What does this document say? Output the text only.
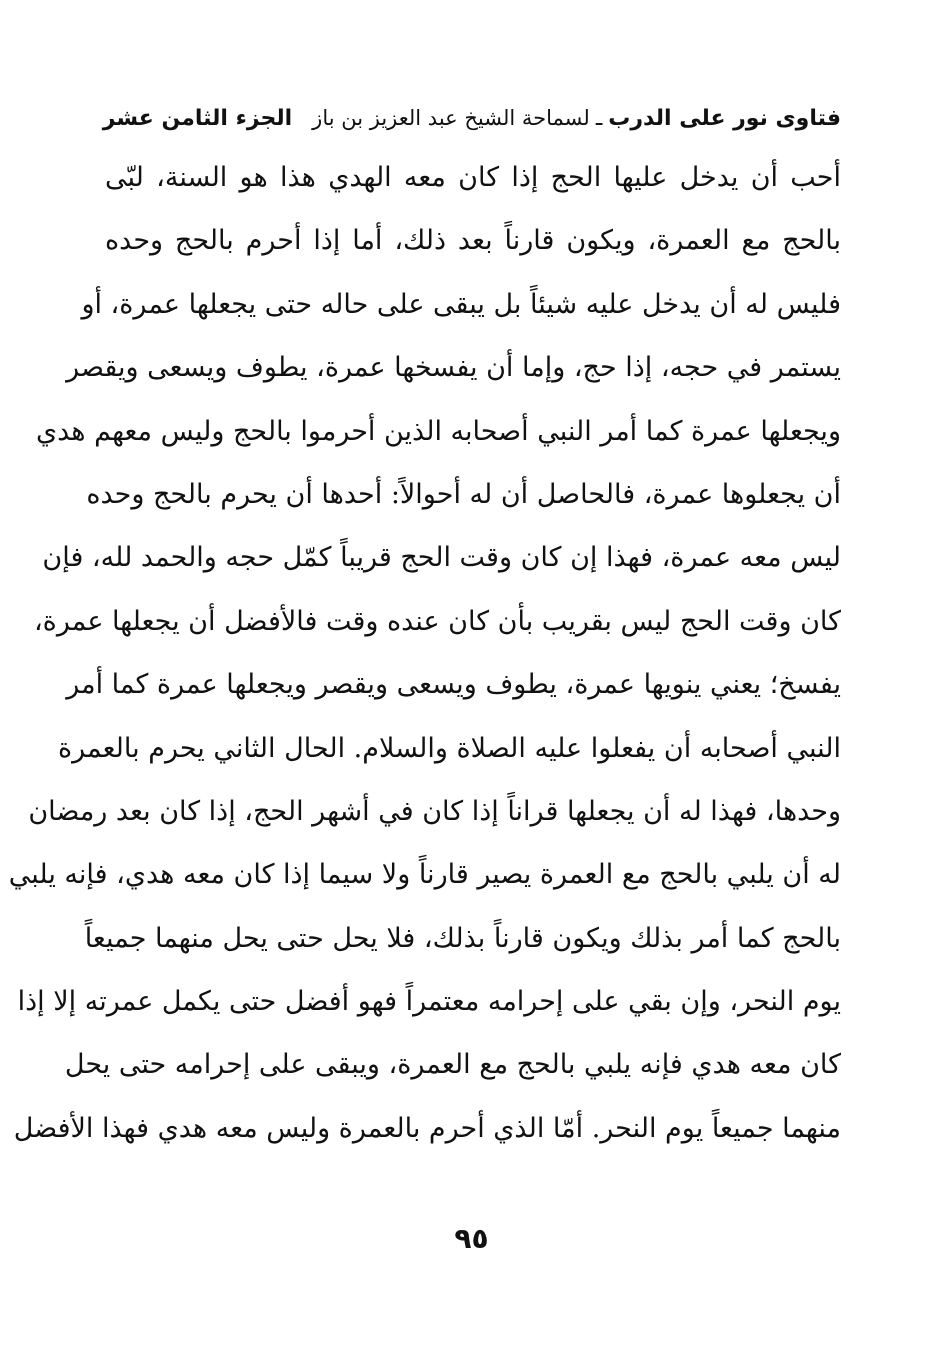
فتاوى نور على الدرب
ـ
لسماحة الشيخ عبد العزيز بن باز
الجزء الثامن عشر
أحب أن يدخل عليها الحج إذا كان معه الهدي هذا هو السنة، لبّى
بالحج مع العمرة، ويكون قارناً بعد ذلك، أما إذا أحرم بالحج وحده
فليس له أن يدخل عليه شيئاً بل يبقى على حاله حتى يجعلها عمرة، أو
يستمر في حجه، إذا حج، وإما أن يفسخها عمرة، يطوف ويسعى ويقصر
ويجعلها عمرة كما أمر النبي أصحابه الذين أحرموا بالحج وليس معهم هدي
أن يجعلوها عمرة، فالحاصل أن له أحوالاً: أحدها أن يحرم بالحج وحده
ليس معه عمرة، فهذا إن كان وقت الحج قريباً كمّل حجه والحمد لله، فإن
كان وقت الحج ليس بقريب بأن كان عنده وقت فالأفضل أن يجعلها عمرة،
يفسخ؛ يعني ينويها عمرة، يطوف ويسعى ويقصر ويجعلها عمرة كما أمر
النبي أصحابه أن يفعلوا عليه الصلاة والسلام. الحال الثاني يحرم بالعمرة
وحدها، فهذا له أن يجعلها قراناً إذا كان في أشهر الحج، إذا كان بعد رمضان
له أن يلبي بالحج مع العمرة يصير قارناً ولا سيما إذا كان معه هدي، فإنه يلبي
بالحج كما أمر بذلك ويكون قارناً بذلك، فلا يحل حتى يحل منهما جميعاً
يوم النحر، وإن بقي على إحرامه معتمراً فهو أفضل حتى يكمل عمرته إلا إذا
كان معه هدي فإنه يلبي بالحج مع العمرة، ويبقى على إحرامه حتى يحل
منهما جميعاً يوم النحر. أمّا الذي أحرم بالعمرة وليس معه هدي فهذا الأفضل
٩٥
